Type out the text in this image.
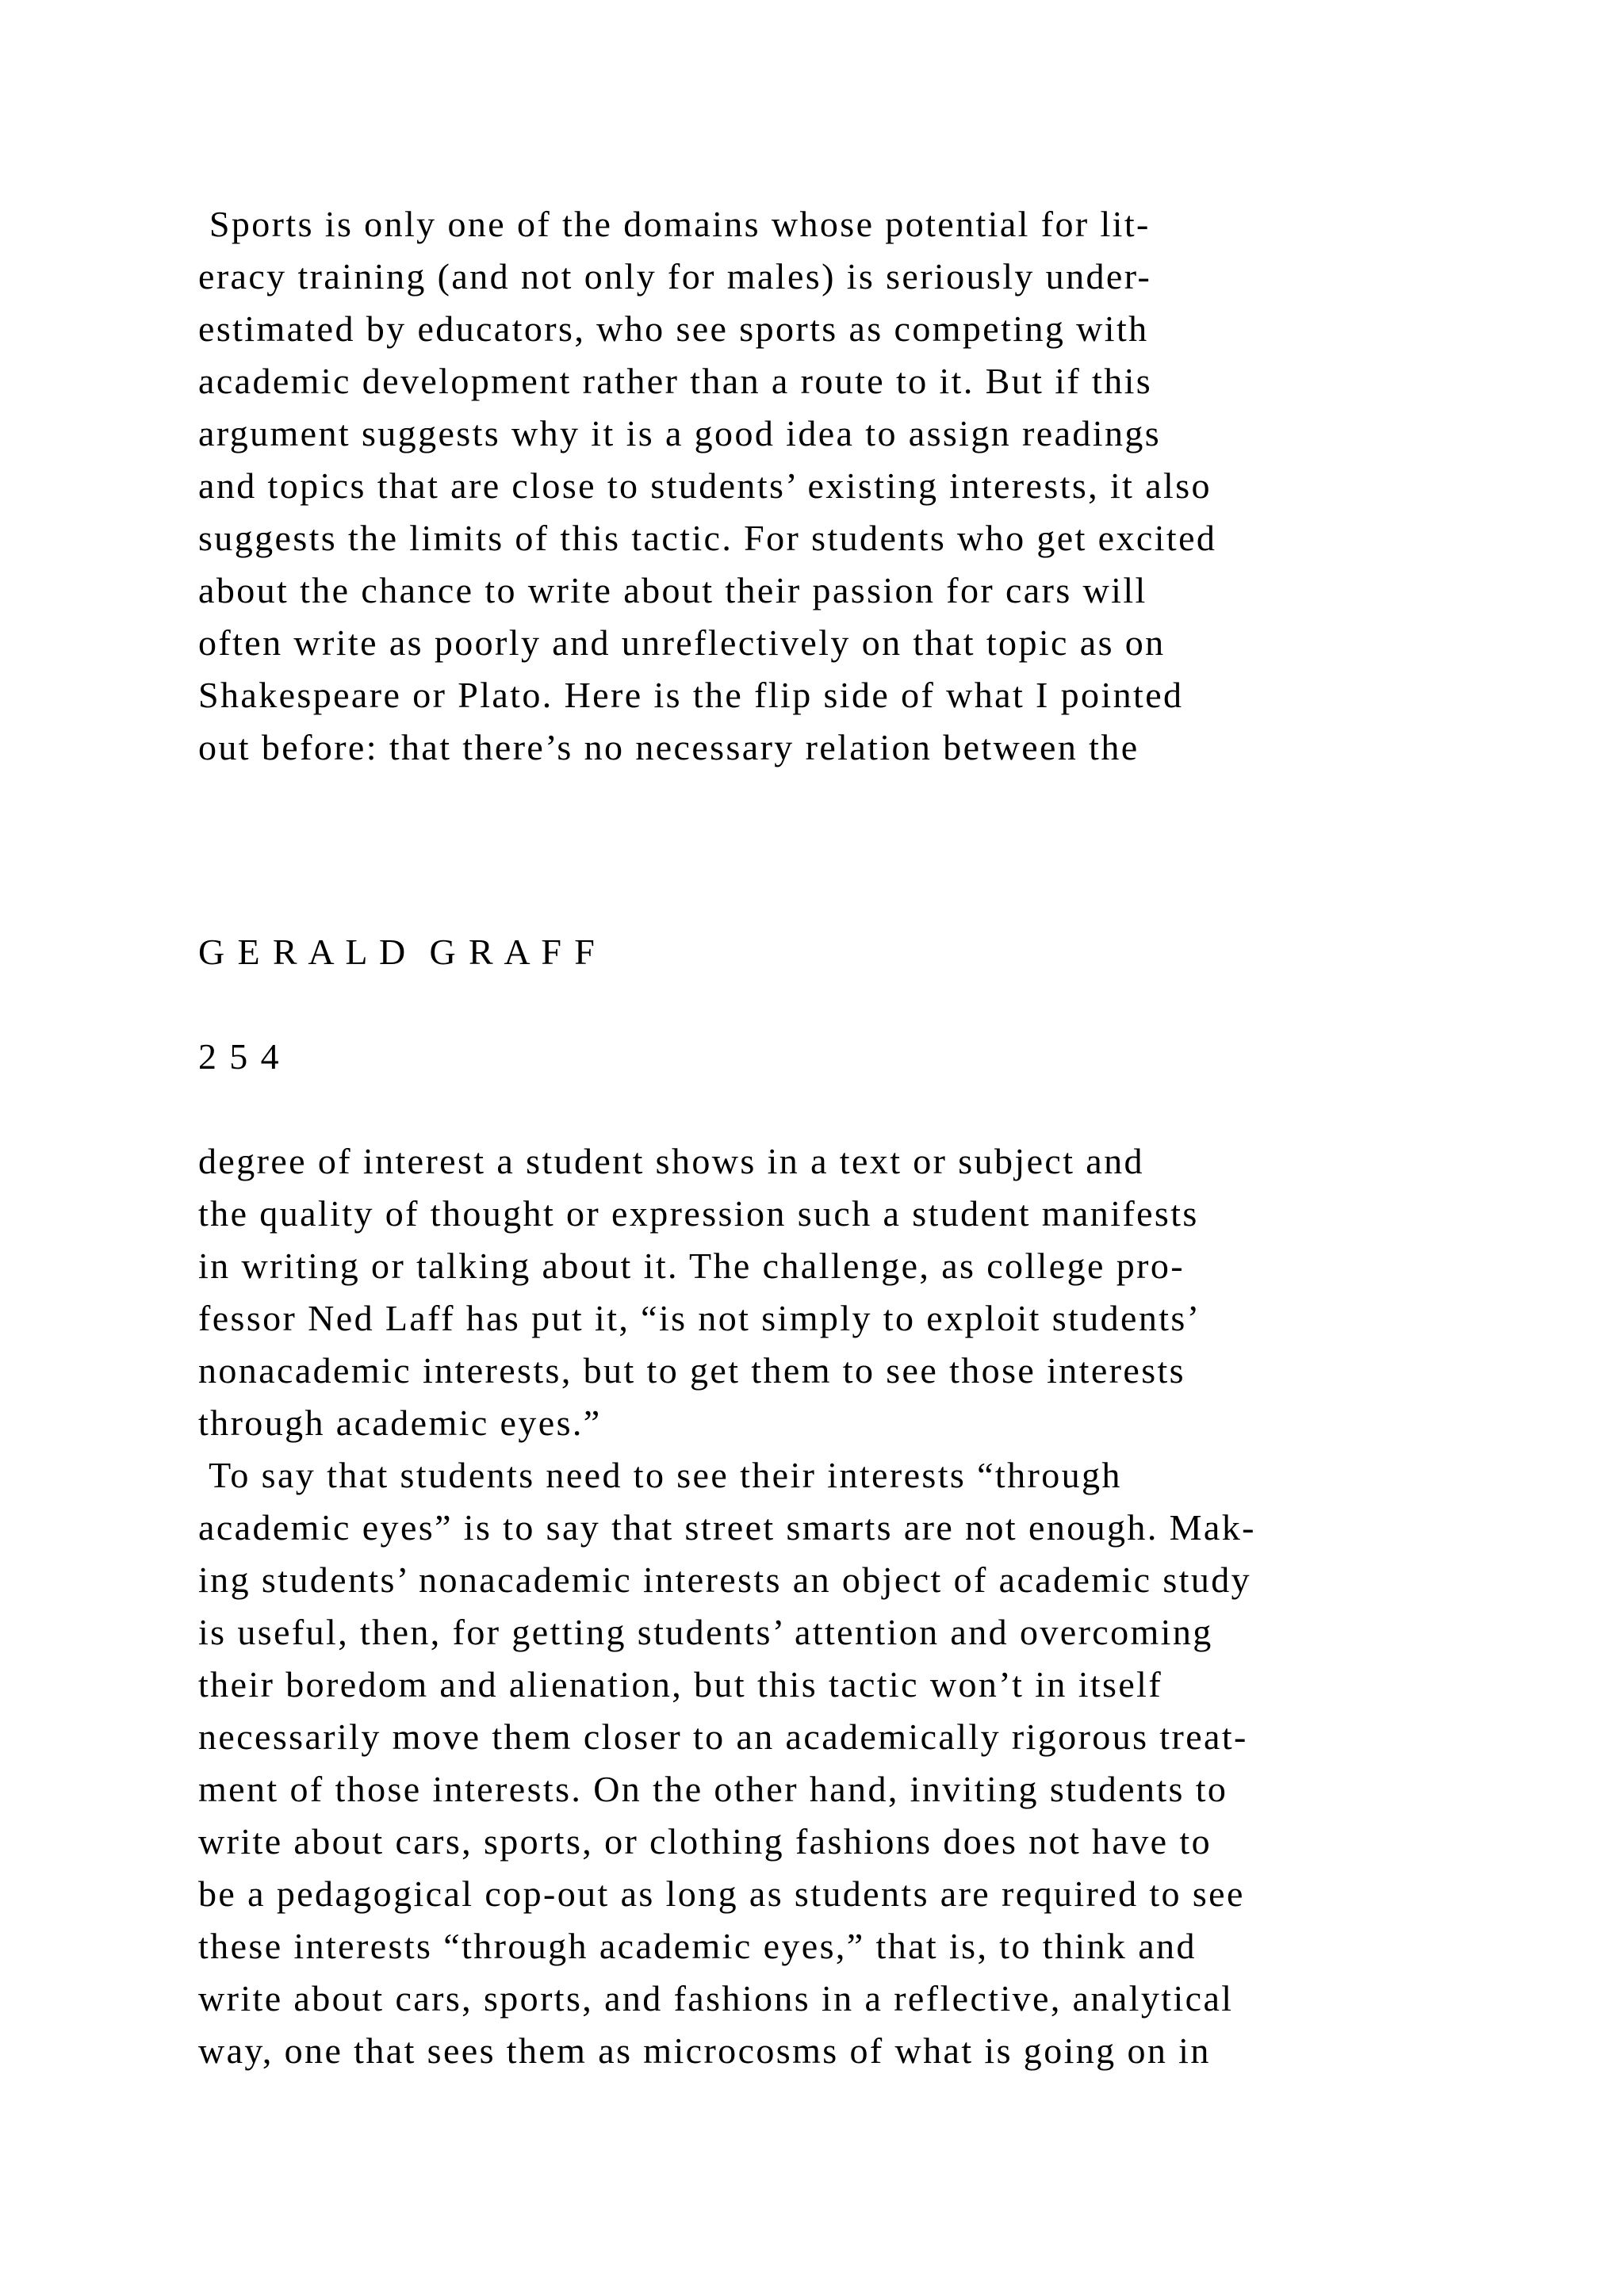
Sports is only one of the domains whose potential for lit-
eracy training (and not only for males) is seriously under-
estimated by educators, who see sports as competing with
academic development rather than a route to it. But if this
argument suggests why it is a good idea to assign readings
and topics that are close to students’ existing interests, it also
suggests the limits of this tactic. For students who get excited
about the chance to write about their passion for cars will
often write as poorly and unreflectively on that topic as on
Shakespeare or Plato. Here is the flip side of what I pointed
out before: that there’s no necessary relation between the
G E R A L D  G R A F F
2 5 4
degree of interest a student shows in a text or subject and
the quality of thought or expression such a student manifests
in writing or talking about it. The challenge, as college pro-
fessor Ned Laff has put it, “is not simply to exploit students’
nonacademic interests, but to get them to see those interests
through academic eyes.”
To say that students need to see their interests “through
academic eyes” is to say that street smarts are not enough. Mak-
ing students’ nonacademic interests an object of academic study
is useful, then, for getting students’ attention and overcoming
their boredom and alienation, but this tactic won’t in itself
necessarily move them closer to an academically rigorous treat-
ment of those interests. On the other hand, inviting students to
write about cars, sports, or clothing fashions does not have to
be a pedagogical cop-out as long as students are required to see
these interests “through academic eyes,” that is, to think and
write about cars, sports, and fashions in a reflective, analytical
way, one that sees them as microcosms of what is going on in
